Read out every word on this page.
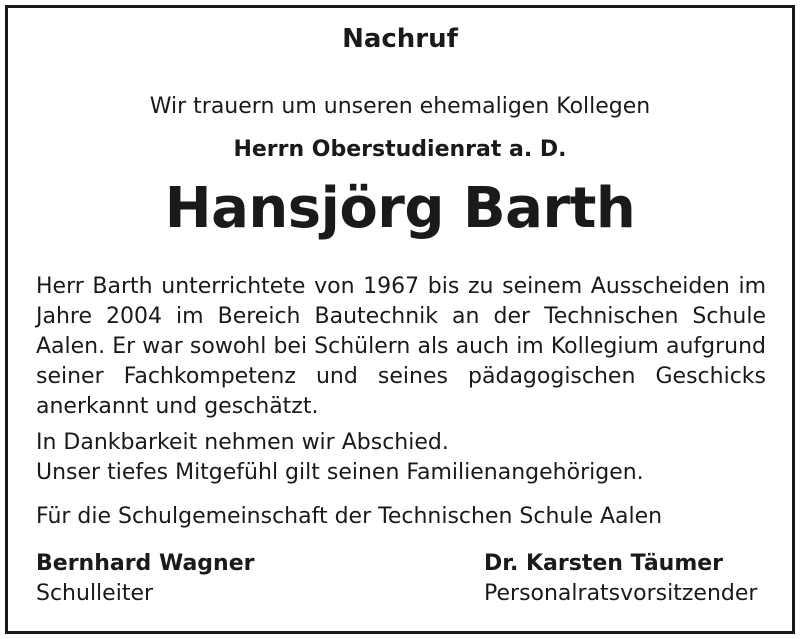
Nachruf
Wir trauern um unseren ehemaligen Kollegen
Herrn Oberstudienrat a. D.
Hansjörg Barth
Herr Barth unterrichtete von 1967 bis zu seinem Ausscheiden im Jahre 2004 im Bereich Bautechnik an der Technischen Schule Aalen. Er war sowohl bei Schülern als auch im Kollegium aufgrund seiner Fachkompetenz und seines pädagogischen Geschicks anerkannt und geschätzt.
In Dankbarkeit nehmen wir Abschied.
Unser tiefes Mitgefühl gilt seinen Familienangehörigen.
Für die Schulgemeinschaft der Technischen Schule Aalen
Bernhard Wagner
Schulleiter
Dr. Karsten Täumer
Personalratsvorsitzender
